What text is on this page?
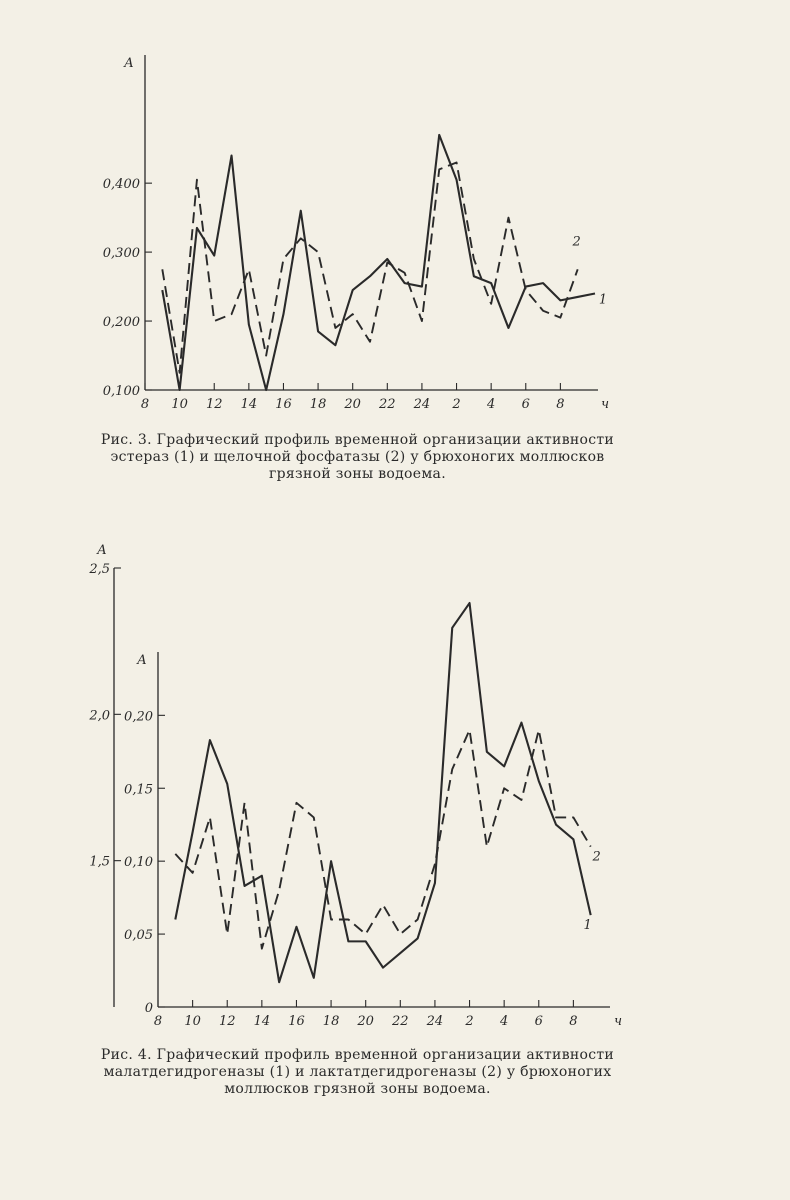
8 10 12 14 16 18 20 22 24 2 4 6 8	ч
0,100
0,200
0,300
0,400
A
1
2
Рис. 3. Графический профиль временной организации активности эстераз (1) и щелочной фосфатазы (2) у брюхоногих моллюсков грязной зоны водоема.
8 10 12 14 16 18 20 22 24 2 4 6 8	ч
0
0,05
0,10
0,15
0,20
A
1,5
2,0
2,5
A
1
2
Рис. 4. Графический профиль временной организации активности малатдегидрогеназы (1) и лактатдегидрогеназы (2) у брюхоногих моллюсков грязной зоны водоема.
